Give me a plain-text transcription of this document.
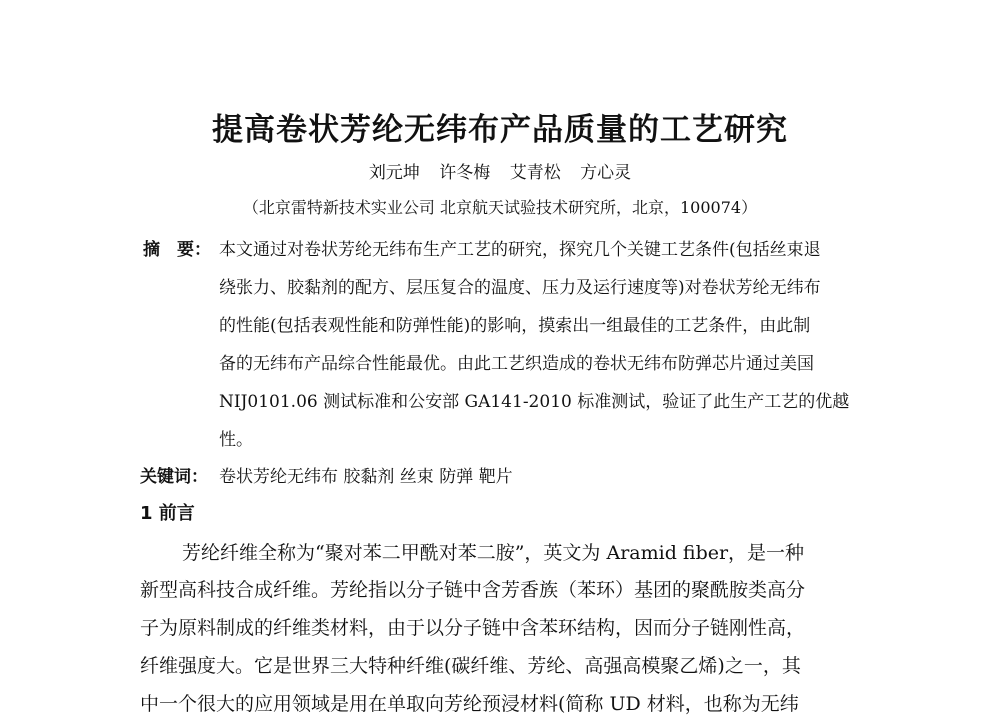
提高卷状芳纶无纬布产品质量的工艺研究
刘元坤 许冬梅 艾青松 方心灵
（北京雷特新技术实业公司 北京航天试验技术研究所，北京，100074）
摘　要： 本文通过对卷状芳纶无纬布生产工艺的研究，探究几个关键工艺条件(包括丝束退
绕张力、胶黏剂的配方、层压复合的温度、压力及运行速度等)对卷状芳纶无纬布
的性能(包括表观性能和防弹性能)的影响，摸索出一组最佳的工艺条件，由此制
备的无纬布产品综合性能最优。由此工艺织造成的卷状无纬布防弹芯片通过美国
NIJ0101.06 测试标准和公安部 GA141-2010 标准测试，验证了此生产工艺的优越
性。
关键词： 卷状芳纶无纬布 胶黏剂 丝束 防弹 靶片
1 前言
芳纶纤维全称为“聚对苯二甲酰对苯二胺”，英文为 Aramid fiber，是一种
新型高科技合成纤维。芳纶指以分子链中含芳香族（苯环）基团的聚酰胺类高分
子为原料制成的纤维类材料，由于以分子链中含苯环结构，因而分子链刚性高，
纤维强度大。它是世界三大特种纤维(碳纤维、芳纶、高强高模聚乙烯)之一，其
中一个很大的应用领域是用在单取向芳纶预浸材料(简称 UD 材料，也称为无纬
